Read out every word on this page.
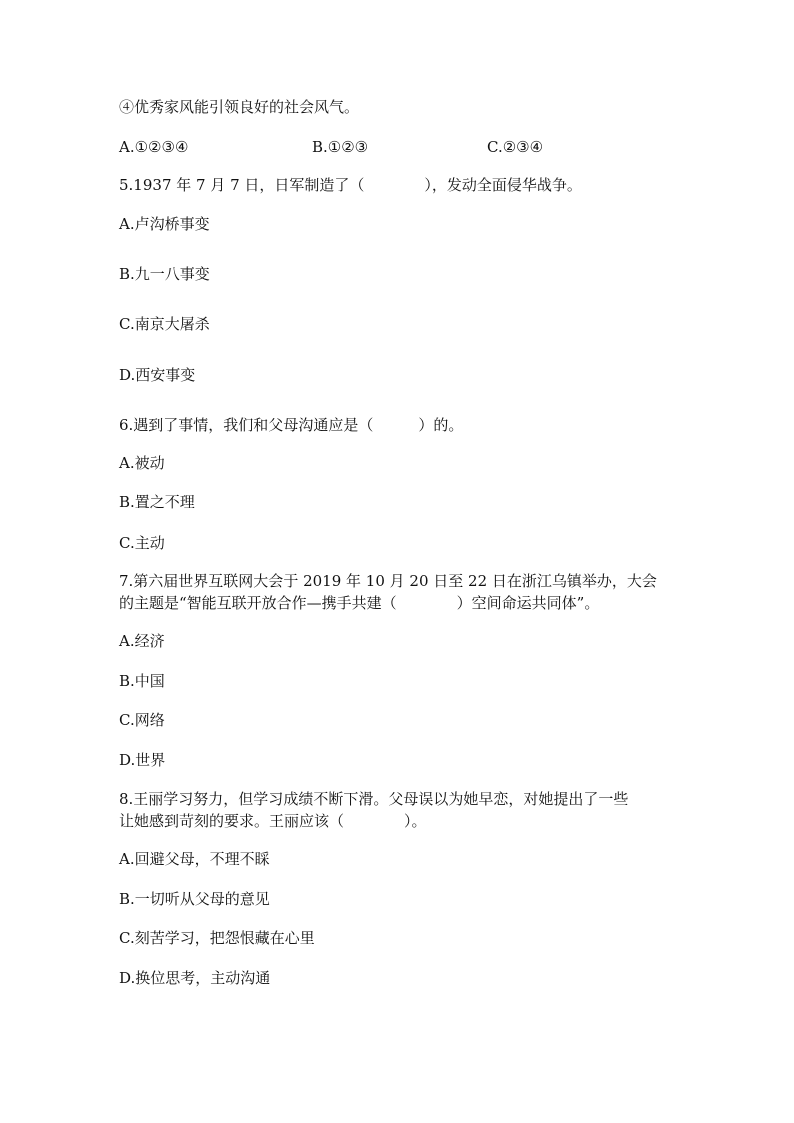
④优秀家风能引领良好的社会风气。
A.①②③④	B.①②③	C.②③④
5.1937 年 7 月 7 日，日军制造了（　　　　），发动全面侵华战争。
A.卢沟桥事变
B.九一八事变
C.南京大屠杀
D.西安事变
6.遇到了事情，我们和父母沟通应是（　　　）的。
A.被动
B.置之不理
C.主动
7.第六届世界互联网大会于 2019 年 10 月 20 日至 22 日在浙江乌镇举办，大会
的主题是“智能互联开放合作—携手共建（　　　　）空间命运共同体”。
A.经济
B.中国
C.网络
D.世界
8.王丽学习努力，但学习成绩不断下滑。父母误以为她早恋，对她提出了一些
让她感到苛刻的要求。王丽应该（　　　　）。
A.回避父母，不理不睬
B.一切听从父母的意见
C.刻苦学习，把怨恨藏在心里
D.换位思考，主动沟通
